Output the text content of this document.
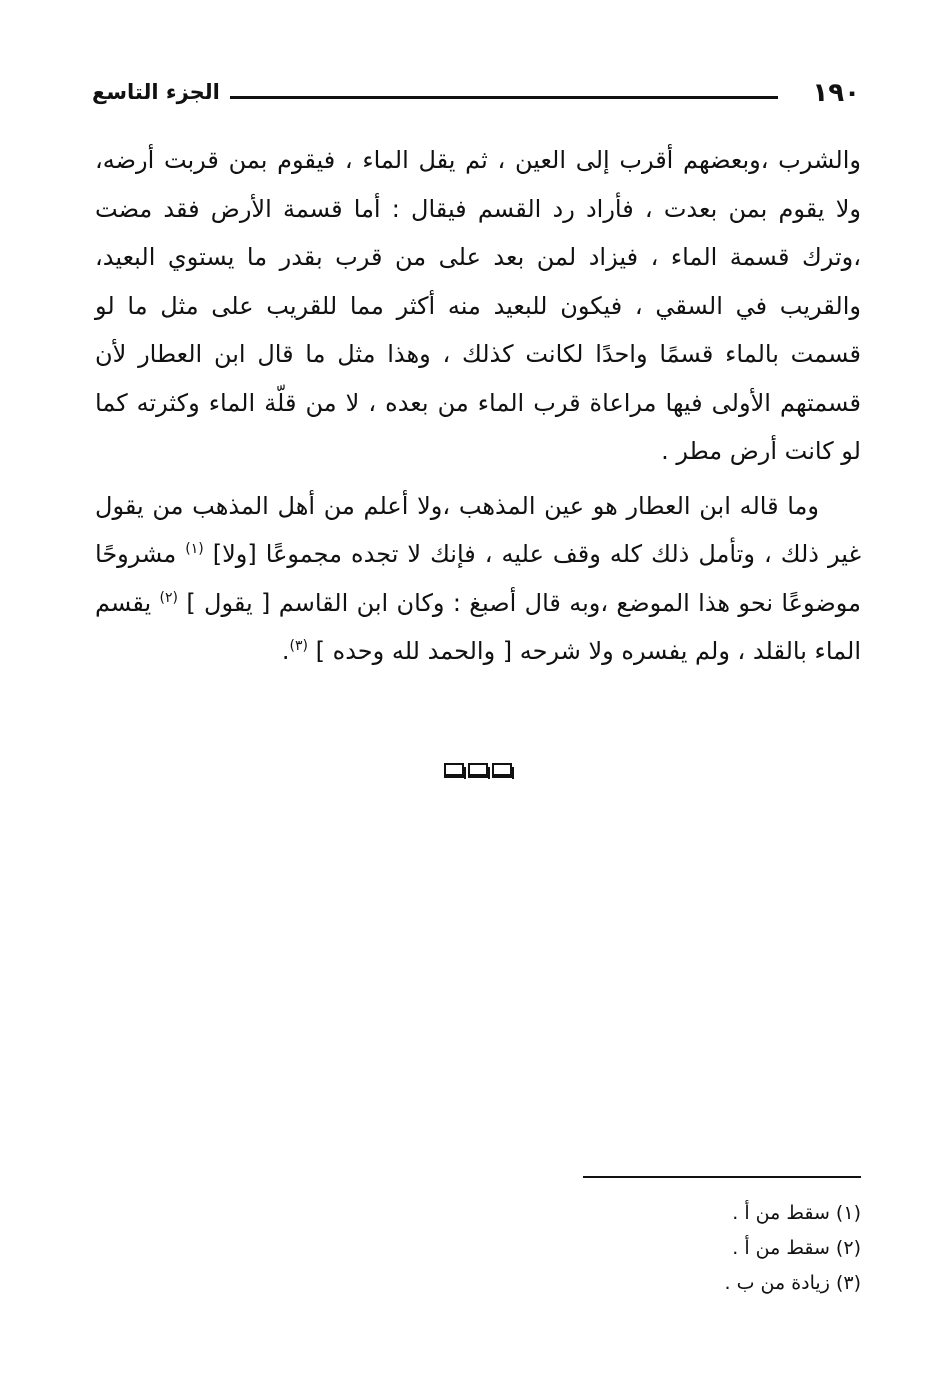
١٩٠
الجزء التاسع

والشرب ،وبعضهم أقرب إلى العين ، ثم يقل الماء ، فيقوم بمن قربت أرضه، ولا يقوم بمن بعدت ، فأراد رد القسم فيقال : أما قسمة الأرض فقد مضت ،وترك قسمة الماء ، فيزاد لمن بعد على من قرب بقدر ما يستوي البعيد، والقريب في السقي ، فيكون للبعيد منه أكثر مما للقريب على مثل ما لو قسمت بالماء قسمًا واحدًا لكانت كذلك ، وهذا مثل ما قال ابن العطار لأن قسمتهم الأولى فيها مراعاة قرب الماء من بعده ، لا من قلّة الماء وكثرته كما لو كانت أرض مطر .

وما قاله ابن العطار هو عين المذهب ،ولا أعلم من أهل المذهب من يقول غير ذلك ، وتأمل ذلك كله وقف عليه ، فإنك لا تجده مجموعًا [ولا] $^{(١)}$ مشروحًا موضوعًا نحو هذا الموضع ،وبه قال أصبغ : وكان ابن القاسم [ يقول ] $^{(٢)}$ يقسم الماء بالقلد ، ولم يفسره ولا شرحه [ والحمد لله وحده ] $^{(٣)}$.

(١) سقط من أ .
(٢) سقط من أ .
(٣) زيادة من ب .
